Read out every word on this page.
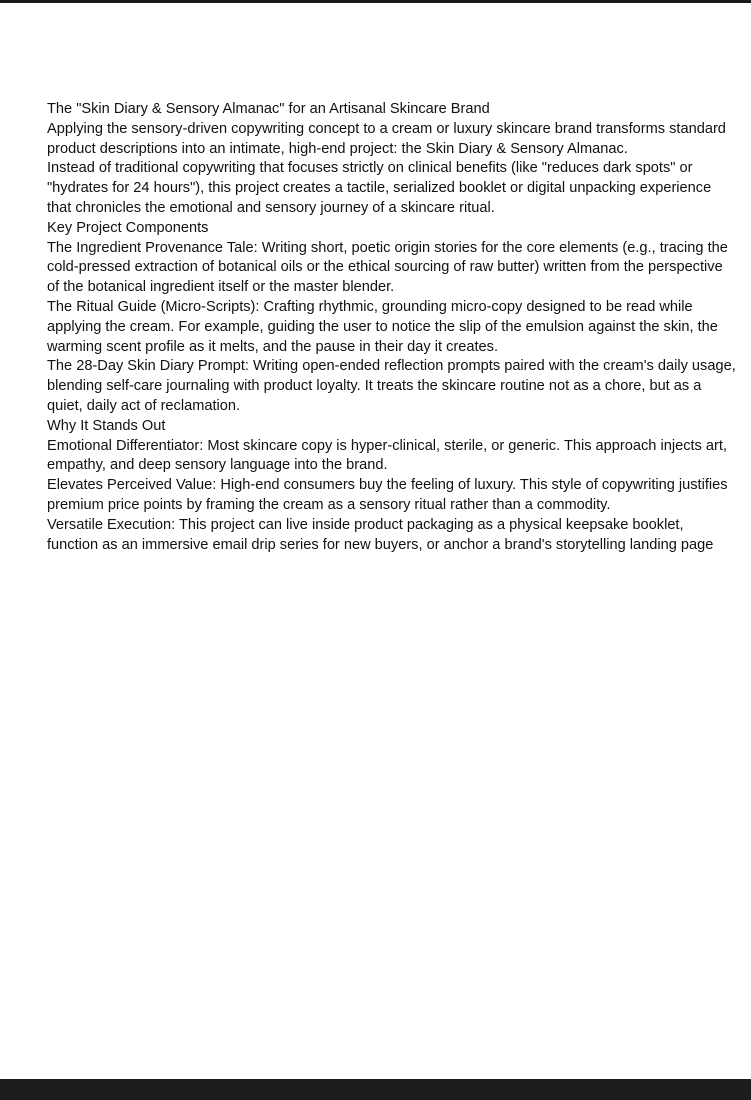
The "Skin Diary & Sensory Almanac" for an Artisanal Skincare Brand

Applying the sensory-driven copywriting concept to a cream or luxury skincare brand transforms standard product descriptions into an intimate, high-end project: the Skin Diary & Sensory Almanac.

Instead of traditional copywriting that focuses strictly on clinical benefits (like "reduces dark spots" or "hydrates for 24 hours"), this project creates a tactile, serialized booklet or digital unpacking experience that chronicles the emotional and sensory journey of a skincare ritual.

Key Project Components

The Ingredient Provenance Tale: Writing short, poetic origin stories for the core elements (e.g., tracing the cold-pressed extraction of botanical oils or the ethical sourcing of raw butter) written from the perspective of the botanical ingredient itself or the master blender.

The Ritual Guide (Micro-Scripts): Crafting rhythmic, grounding micro-copy designed to be read while applying the cream. For example, guiding the user to notice the slip of the emulsion against the skin, the warming scent profile as it melts, and the pause in their day it creates.

The 28-Day Skin Diary Prompt: Writing open-ended reflection prompts paired with the cream's daily usage, blending self-care journaling with product loyalty. It treats the skincare routine not as a chore, but as a quiet, daily act of reclamation.

Why It Stands Out

Emotional Differentiator: Most skincare copy is hyper-clinical, sterile, or generic. This approach injects art, empathy, and deep sensory language into the brand.

Elevates Perceived Value: High-end consumers buy the feeling of luxury. This style of copywriting justifies premium price points by framing the cream as a sensory ritual rather than a commodity.

Versatile Execution: This project can live inside product packaging as a physical keepsake booklet, function as an immersive email drip series for new buyers, or anchor a brand's storytelling landing page
